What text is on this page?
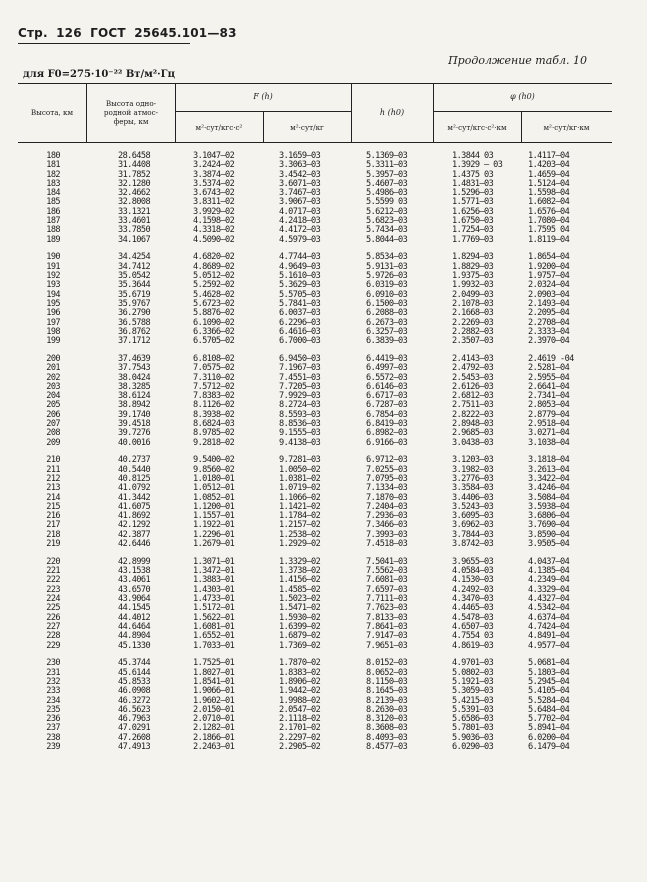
Стр. 126 ГОСТ 25645.101—83
Продолжение табл. 10
для F0=275·10⁻²² Вт/м²·Гц
Высота, км
Высота одно-родной атмос-феры, км
F (h)
м²·сут/кгс·с²	м²·сут/кг
h (h0)
φ (h0)
м²·сут/кгс·с²·км	м²·сут/кг·км
180	28.6458	3.1047—02	3.1659—03	5.1369—03	1.3844 03	1.4117—04
181	31.4408	3.2424—02	3.3063—03	5.3311—03	1.3929 — 03	1.4203—04
182	31.7852	3.3874—02	3.4542—03	5.3957—03	1.4375 03	1.4659—04
183	32.1280	3.5374—02	3.6071—03	5.4607—03	1.4831—03	1.5124—04
184	32.4662	3.6743—02	3.7467—03	5.4986—03	1.5296—03	1.5598—04
185	32.8008	3.8311—02	3.9067—03	5.5599 03	1.5771—03	1.6082—04
186	33.1321	3.9929—02	4.0717—03	5.6212—03	1.6256—03	1.6576—04
187	33.4601	4.1598—02	4.2418—03	5.6823—03	1.6750—03	1.7080—04
188	33.7850	4.3318—02	4.4172—03	5.7434—03	1.7254—03	1.7595 04
189	34.1067	4.5090—02	4.5979—03	5.8044—03	1.7769—03	1.8119—04
190	34.4254	4.6820—02	4.7744—03	5.8534—03	1.8294—03	1.8654—04
191	34.7412	4.8689—02	4.9649—03	5.9131—03	1.8829—03	1.9200—04
192	35.0542	5.0512—02	5.1610—03	5.9726—03	1.9375—03	1.9757—04
193	35.3644	5.2592—02	5.3629—03	6.0319—03	1.9932—03	2.0324—04
194	35.6719	5.4628—02	5.5705—03	6.0910—03	2.0499—03	2.0903—04
195	35.9767	5.6723—02	5.7841—03	6.1500—03	2.1078—03	2.1493—04
196	36.2790	5.8876—02	6.0037—03	6.2088—03	2.1668—03	2.2095—04
197	36.5788	6.1090—02	6.2296—03	6.2673—03	2.2269—03	2.2708—04
198	36.8762	6.3366—02	6.4616—03	6.3257—03	2.2882—03	2.3333—04
199	37.1712	6.5705—02	6.7000—03	6.3839—03	2.3507—03	2.3970—04
200	37.4639	6.8108—02	6.9450—03	6.4419—03	2.4143—03	2.4619 -04
201	37.7543	7.0575—02	7.1967—03	6.4997—03	2.4792—03	2.5281—04
202	38.0424	7.3110—02	7.4551—03	6.5572—03	2.5453—03	2.5955—04
203	38.3285	7.5712—02	7.7205—03	6.6146—03	2.6126—03	2.6641—04
204	38.6124	7.8383—02	7.9929—03	6.6717—03	2.6812—03	2.7341—04
205	38.8942	8.1126—02	8.2724—03	6.7287—03	2.7511—03	2.8053—04
206	39.1740	8.3938—02	8.5593—03	6.7854—03	2.8222—03	2.8779—04
207	39.4518	8.6824—03	8.8536—03	6.8419—03	2.8948—03	2.9518—04
208	39.7276	8.9785—02	9.1555—03	6.8982—03	2.9685—03	3.0271—04
209	40.0016	9.2818—02	9.4138—03	6.9166—03	3.0438—03	3.1038—04
210	40.2737	9.5400—02	9.7281—03	6.9712—03	3.1203—03	3.1818—04
211	40.5440	9.8560—02	1.0050—02	7.0255—03	3.1982—03	3.2613—04
212	40.8125	1.0180—01	1.0381—02	7.0795—03	3.2776—03	3.3422—04
213	41.0792	1.0512—01	1.0719—02	7.1334—03	3.3584—03	3.4246—04
214	41.3442	1.0852—01	1.1066—02	7.1870—03	3.4406—03	3.5084—04
215	41.6075	1.1200—01	1.1421—02	7.2404—03	3.5243—03	3.5938—04
216	41.8692	1.1557—01	1.1784—02	7.2936—03	3.6095—03	3.6806—04
217	42.1292	1.1922—01	1.2157—02	7.3466—03	3.6962—03	3.7690—04
218	42.3877	1.2296—01	1.2538—02	7.3993—03	3.7844—03	3.8590—04
219	42.6446	1.2679—01	1.2929—02	7.4518—03	3.8742—03	3.9505—04
220	42.8999	1.3071—01	1.3329—02	7.5041—03	3.9655—03	4.0437—04
221	43.1538	1.3472—01	1.3738—02	7.5562—03	4.0584—03	4.1385—04
222	43.4061	1.3883—01	1.4156—02	7.6081—03	4.1530—03	4.2349—04
223	43.6570	1.4303—01	1.4585—02	7.6597—03	4.2492—03	4.3329—04
224	43.9064	1.4733—01	1.5023—02	7.7111—03	4.3470—03	4.4327—04
225	44.1545	1.5172—01	1.5471—02	7.7623—03	4.4465—03	4.5342—04
226	44.4012	1.5622—01	1.5930—02	7.8133—03	4.5478—03	4.6374—04
227	44.6464	1.6081—01	1.6399—02	7.8641—03	4.6507—03	4.7424—04
228	44.8904	1.6552—01	1.6879—02	7.9147—03	4.7554 03	4.8491—04
229	45.1330	1.7033—01	1.7369—02	7.9651—03	4.8619—03	4.9577—04
230	45.3744	1.7525—01	1.7870—02	8.0152—03	4.9701—03	5.0681—04
231	45.6144	1.8027—01	1.8383—02	8.0652—03	5.0802—03	5.1803—04
232	45.8533	1.8541—01	1.8906—02	8.1150—03	5.1921—03	5.2945—04
233	46.0908	1.9066—01	1.9442—02	8.1645—03	5.3059—03	5.4105—04
234	46.3272	1.9602—01	1.9988—02	8.2139—03	5.4215—03	5.5284—04
235	46.5623	2.0150—01	2.0547—02	8.2630—03	5.5391—03	5.6484—04
236	46.7963	2.0710—01	2.1118—02	8.3120—03	5.6586—03	5.7702—04
237	47.0291	2.1282—01	2.1701—02	8.3608—03	5.7801—03	5.8941—04
238	47.2608	2.1866—01	2.2297—02	8.4093—03	5.9036—03	6.0200—04
239	47.4913	2.2463—01	2.2905—02	8.4577—03	6.0290—03	6.1479—04
